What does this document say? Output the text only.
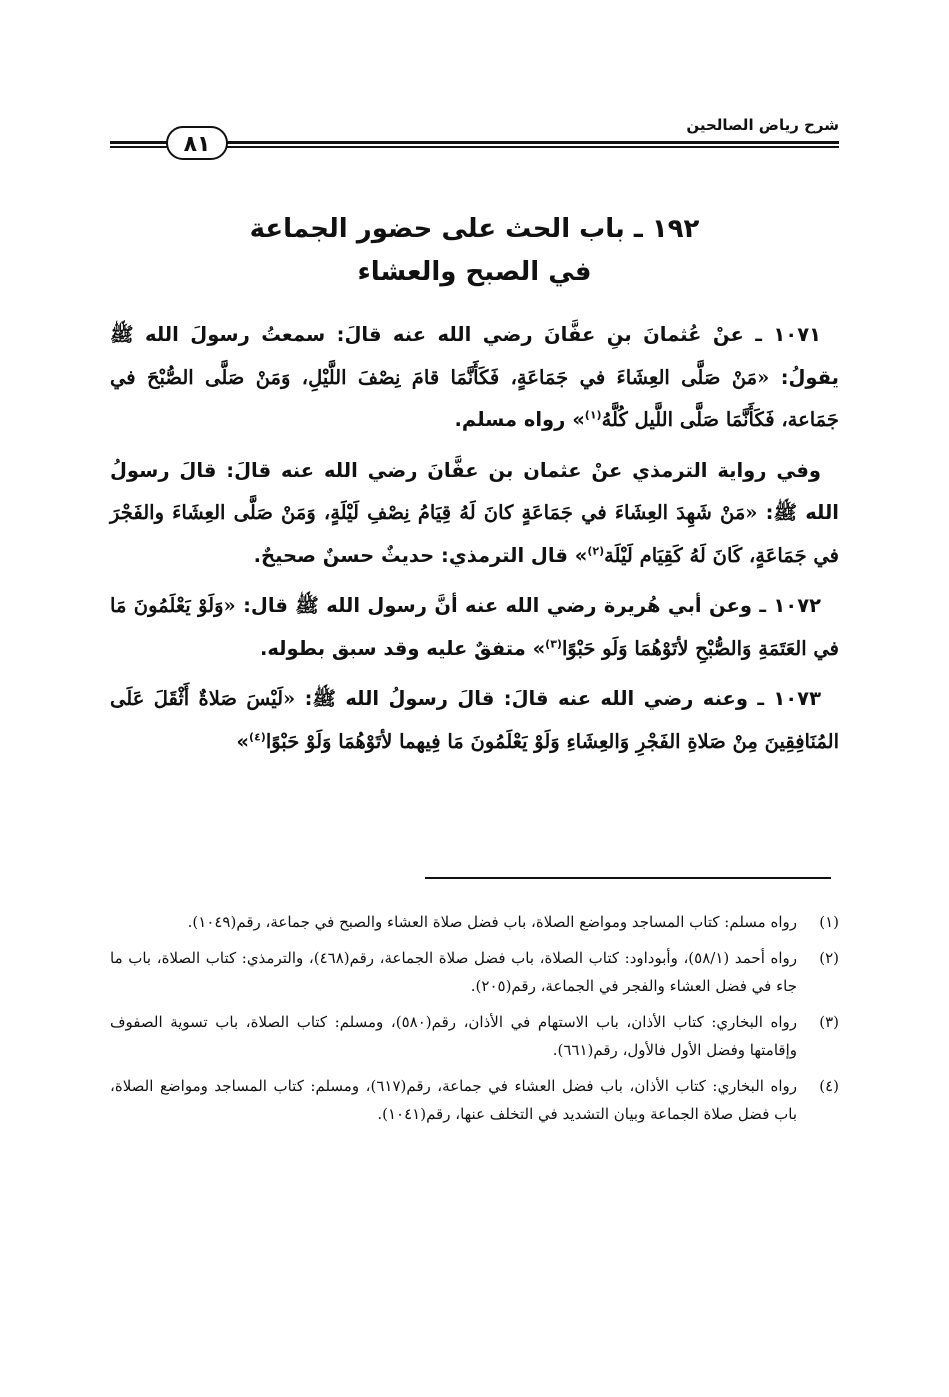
شرح رياض الصالحين
٨١
١٩٢ ـ باب الحث على حضور الجماعة
في الصبح والعشاء

١٠٧١ ـ عنْ عُثمانَ بنِ عفَّانَ رضي الله عنه قالَ: سمعتُ رسولَ الله ﷺ يقولُ: «مَنْ صَلَّى العِشَاءَ في جَمَاعَةٍ، فَكَأَنَّمَا قامَ نِصْفَ اللَّيْلِ، وَمَنْ صَلَّى الصُّبْحَ في جَمَاعة، فَكَأَنَّمَا صَلَّى اللَّيل كُلَّهُ$^{(١)}$» رواه مسلم.

وفي رواية الترمذي عنْ عثمان بن عفَّانَ رضي الله عنه قالَ: قالَ رسولُ الله ﷺ: «مَنْ شَهِدَ العِشَاءَ في جَمَاعَةٍ كانَ لَهُ قِيَامُ نِصْفِ لَيْلَةٍ، وَمَنْ صَلَّى العِشَاءَ والفَجْرَ في جَمَاعَةٍ، كَانَ لَهُ كَقِيَام لَيْلَة$^{(٢)}$» قال الترمذي: حديثٌ حسنٌ صحيحٌ.

١٠٧٢ ـ وعن أبي هُريرة رضي الله عنه أنَّ رسول الله ﷺ قال: «وَلَوْ يَعْلَمُونَ مَا في العَتَمَةِ وَالصُّبْحِ لأتَوْهُمَا وَلَو حَبْوًا$^{(٣)}$» متفقٌ عليه وقد سبق بطوله.

١٠٧٣ ـ وعنه رضي الله عنه قالَ: قالَ رسولُ الله ﷺ: «لَيْسَ صَلاةٌ أَثْقَلَ عَلَى المُنَافِقِينَ مِنْ صَلاةِ الفَجْرِ وَالعِشَاءِ وَلَوْ يَعْلَمُونَ مَا فِيهما لأتَوْهُمَا وَلَوْ حَبْوًا$^{(٤)}$»

(١)
رواه مسلم: كتاب المساجد ومواضع الصلاة، باب فضل صلاة العشاء والصبح في جماعة، رقم(١٠٤٩).
(٢)
رواه أحمد (٥٨/١)، وأبوداود: كتاب الصلاة، باب فضل صلاة الجماعة، رقم(٤٦٨)، والترمذي: كتاب الصلاة، باب ما جاء في فضل العشاء والفجر في الجماعة، رقم(٢٠٥).
(٣)
رواه البخاري: كتاب الأذان، باب الاستهام في الأذان، رقم(٥٨٠)، ومسلم: كتاب الصلاة، باب تسوية الصفوف وإقامتها وفضل الأول فالأول، رقم(٦٦١).
(٤)
رواه البخاري: كتاب الأذان، باب فضل العشاء في جماعة، رقم(٦١٧)، ومسلم: كتاب المساجد ومواضع الصلاة، باب فضل صلاة الجماعة وبيان التشديد في التخلف عنها، رقم(١٠٤١).
